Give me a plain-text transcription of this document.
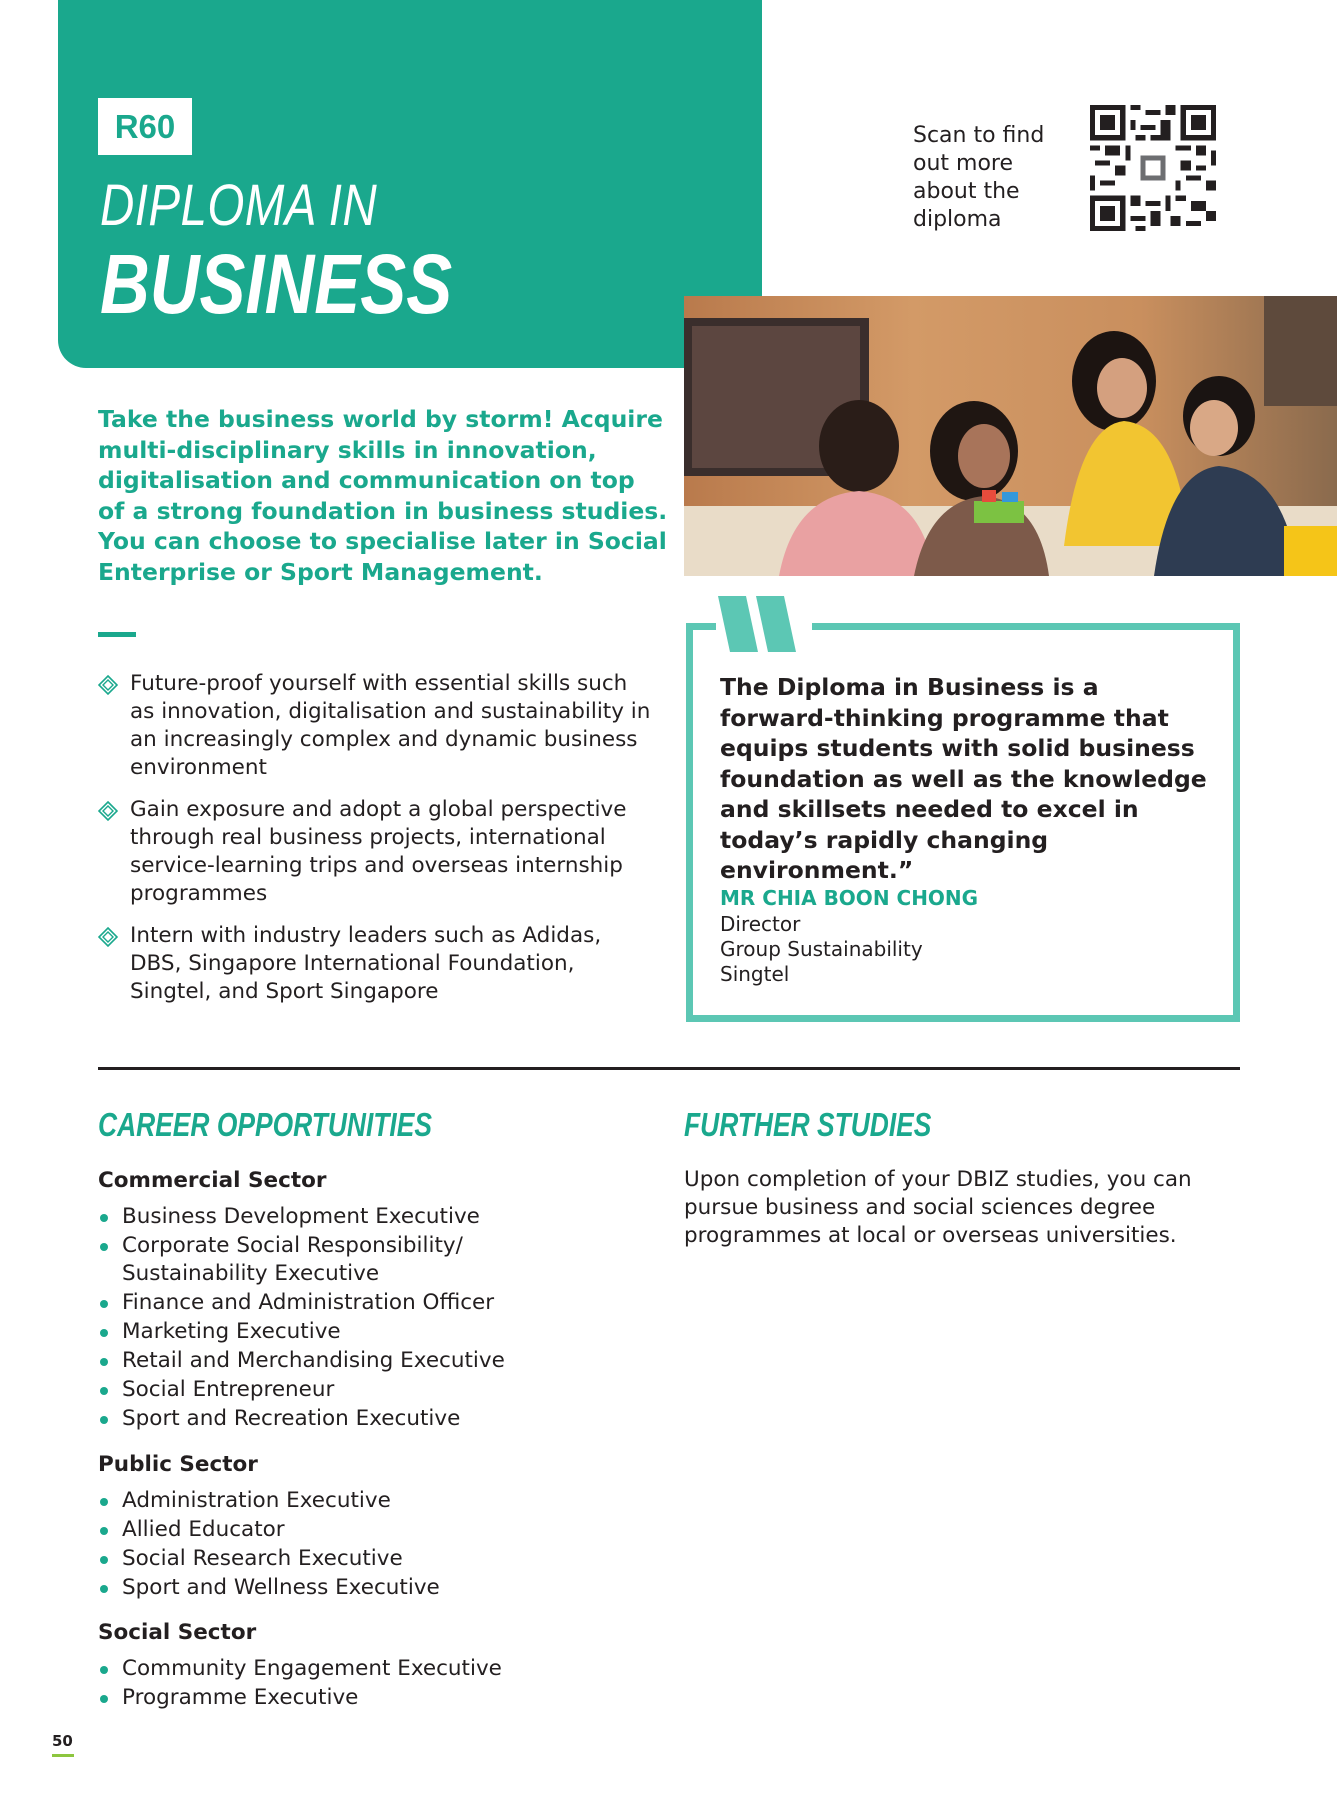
R60
DIPLOMA IN
BUSINESS
Scan to find out more about the diploma
Take the business world by storm! Acquire multi-disciplinary skills in innovation, digitalisation and communication on top of a strong foundation in business studies. You can choose to specialise later in Social Enterprise or Sport Management.
Future-proof yourself with essential skills such as innovation, digitalisation and sustainability in an increasingly complex and dynamic business environment
Gain exposure and adopt a global perspective through real business projects, international service-learning trips and overseas internship programmes
Intern with industry leaders such as Adidas, DBS, Singapore International Foundation, Singtel, and Sport Singapore
The Diploma in Business is a forward-thinking programme that equips students with solid business foundation as well as the knowledge and skillsets needed to excel in today’s rapidly changing environment.”
MR CHIA BOON CHONG
Director
Group Sustainability
Singtel
CAREER OPPORTUNITIES
Commercial Sector
Business Development Executive
Corporate Social Responsibility/ Sustainability Executive
Finance and Administration Officer
Marketing Executive
Retail and Merchandising Executive
Social Entrepreneur
Sport and Recreation Executive
Public Sector
Administration Executive
Allied Educator
Social Research Executive
Sport and Wellness Executive
Social Sector
Community Engagement Executive
Programme Executive
FURTHER STUDIES
Upon completion of your DBIZ studies, you can pursue business and social sciences degree programmes at local or overseas universities.
50
